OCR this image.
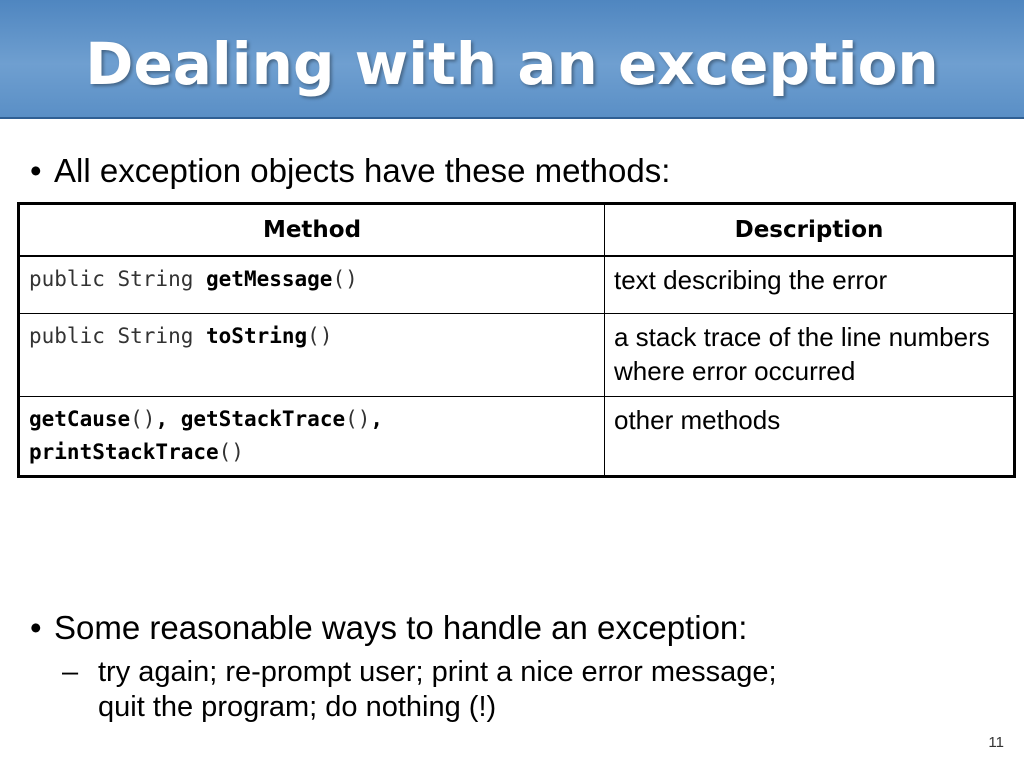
Dealing with an exception
• All exception objects have these methods:
Method	Description
public String getMessage()	text describing the error
public String toString()	a stack trace of the line numbers where error occurred
getCause(), getStackTrace(),
printStackTrace()	other methods
• Some reasonable ways to handle an exception:
– try again; re-prompt user; print a nice error message;
quit the program; do nothing (!)
11
